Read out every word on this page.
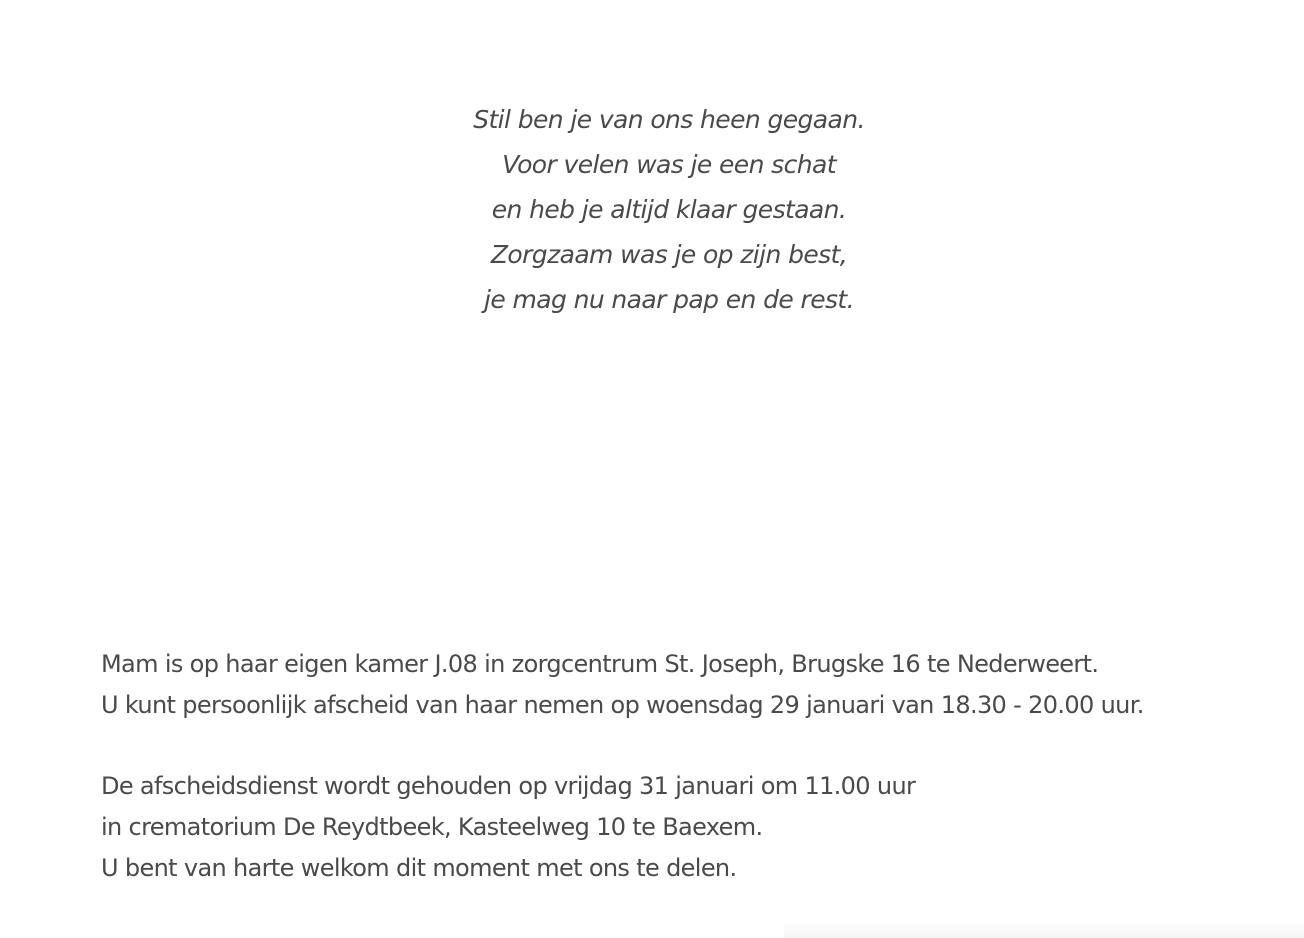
Stil ben je van ons heen gegaan.
Voor velen was je een schat
en heb je altijd klaar gestaan.
Zorgzaam was je op zijn best,
je mag nu naar pap en de rest.
Mam is op haar eigen kamer J.08 in zorgcentrum St. Joseph, Brugske 16 te Nederweert.
U kunt persoonlijk afscheid van haar nemen op woensdag 29 januari van 18.30 - 20.00 uur.
De afscheidsdienst wordt gehouden op vrijdag 31 januari om 11.00 uur
in crematorium De Reydtbeek, Kasteelweg 10 te Baexem.
U bent van harte welkom dit moment met ons te delen.
